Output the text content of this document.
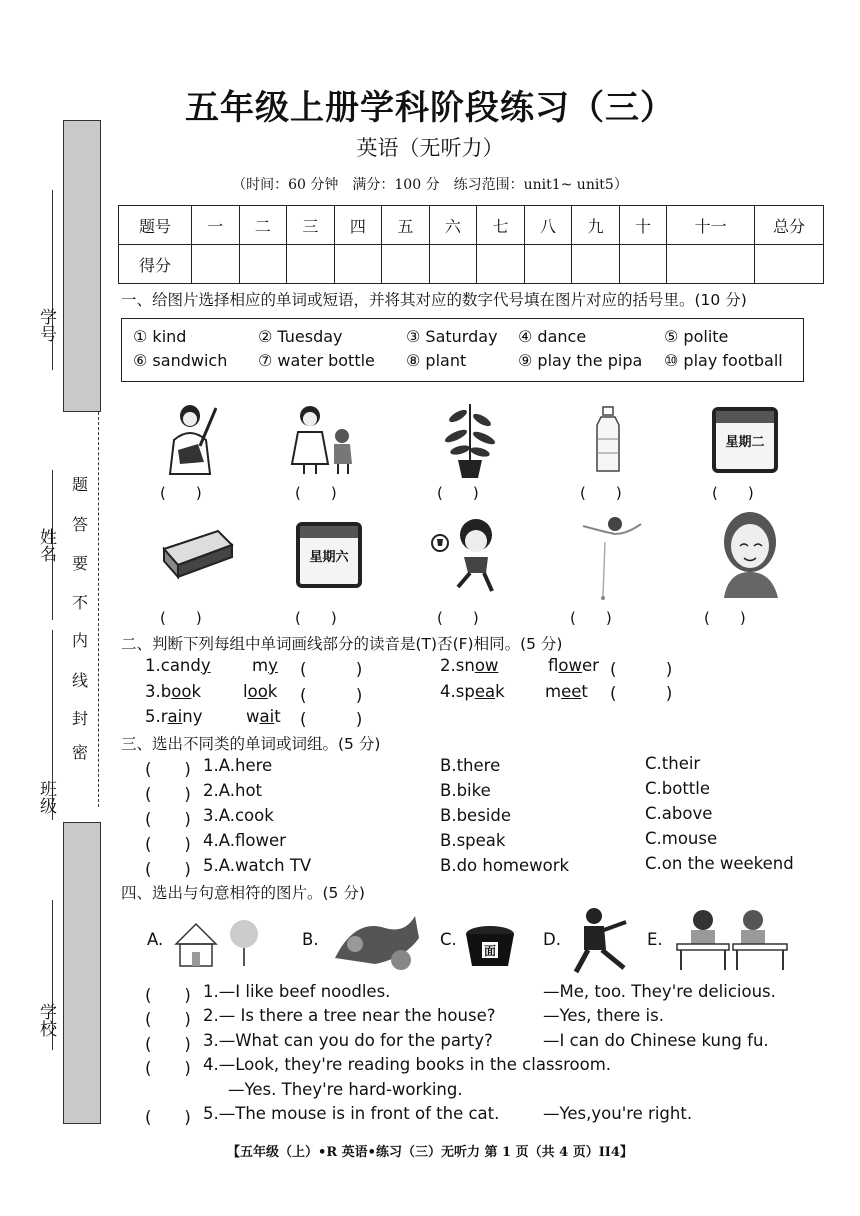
学号
姓名
班级
学校
密
封
线
内
不
要
答
题
五年级上册学科阶段练习（三）
英语（无听力）
（时间：60 分钟　满分：100 分　练习范围：unit1~ unit5）
题号	一	二	三	四	五	六	七	八	九	十	十一	总分
得分												
一、给图片选择相应的单词或短语，并将其对应的数字代号填在图片对应的括号里。(10 分)
① kind	② Tuesday	③ Saturday ④ dance	⑤ polite
⑥ sandwich ⑦ water bottle ⑧ plant	⑨ play the pipa ⑩ play football
星期二
(　　)	(　　)	(　　)	(　　)	(　　)
星期六
(　　)	(　　)	(　　)	(　　)	(　　)
二、判断下列每组中单词画线部分的读音是(T)否(F)相同。(5 分)
1.candy	my (　　　)	2.snow	flower (　　　)
3.book	look (　　　)	4.speak meet (　　　)
5.rainy	wait (　　　)
三、选出不同类的单词或词组。(5 分)
(　　) 1.A.here	B.there	C.their
(　　) 2.A.hot	B.bike	C.bottle
(　　) 3.A.cook	B.beside	C.above
(　　) 4.A.flower	B.speak	C.mouse
(　　) 5.A.watch TV	B.do homework	C.on the weekend
四、选出与句意相符的图片。(5 分)
A.	B.	C.
面
D.	E.
(　　) 1.—I like beef noodles.	—Me, too. They're delicious.
(　　) 2.— Is there a tree near the house?	—Yes, there is.
(　　) 3.—What can you do for the party?	—I can do Chinese kung fu.
(　　) 4.—Look, they're reading books in the classroom.
—Yes. They're hard-working.
(　　) 5.—The mouse is in front of the cat.	—Yes,you're right.
【五年级（上）•R 英语•练习（三）无听力 第 1 页（共 4 页）II4】
